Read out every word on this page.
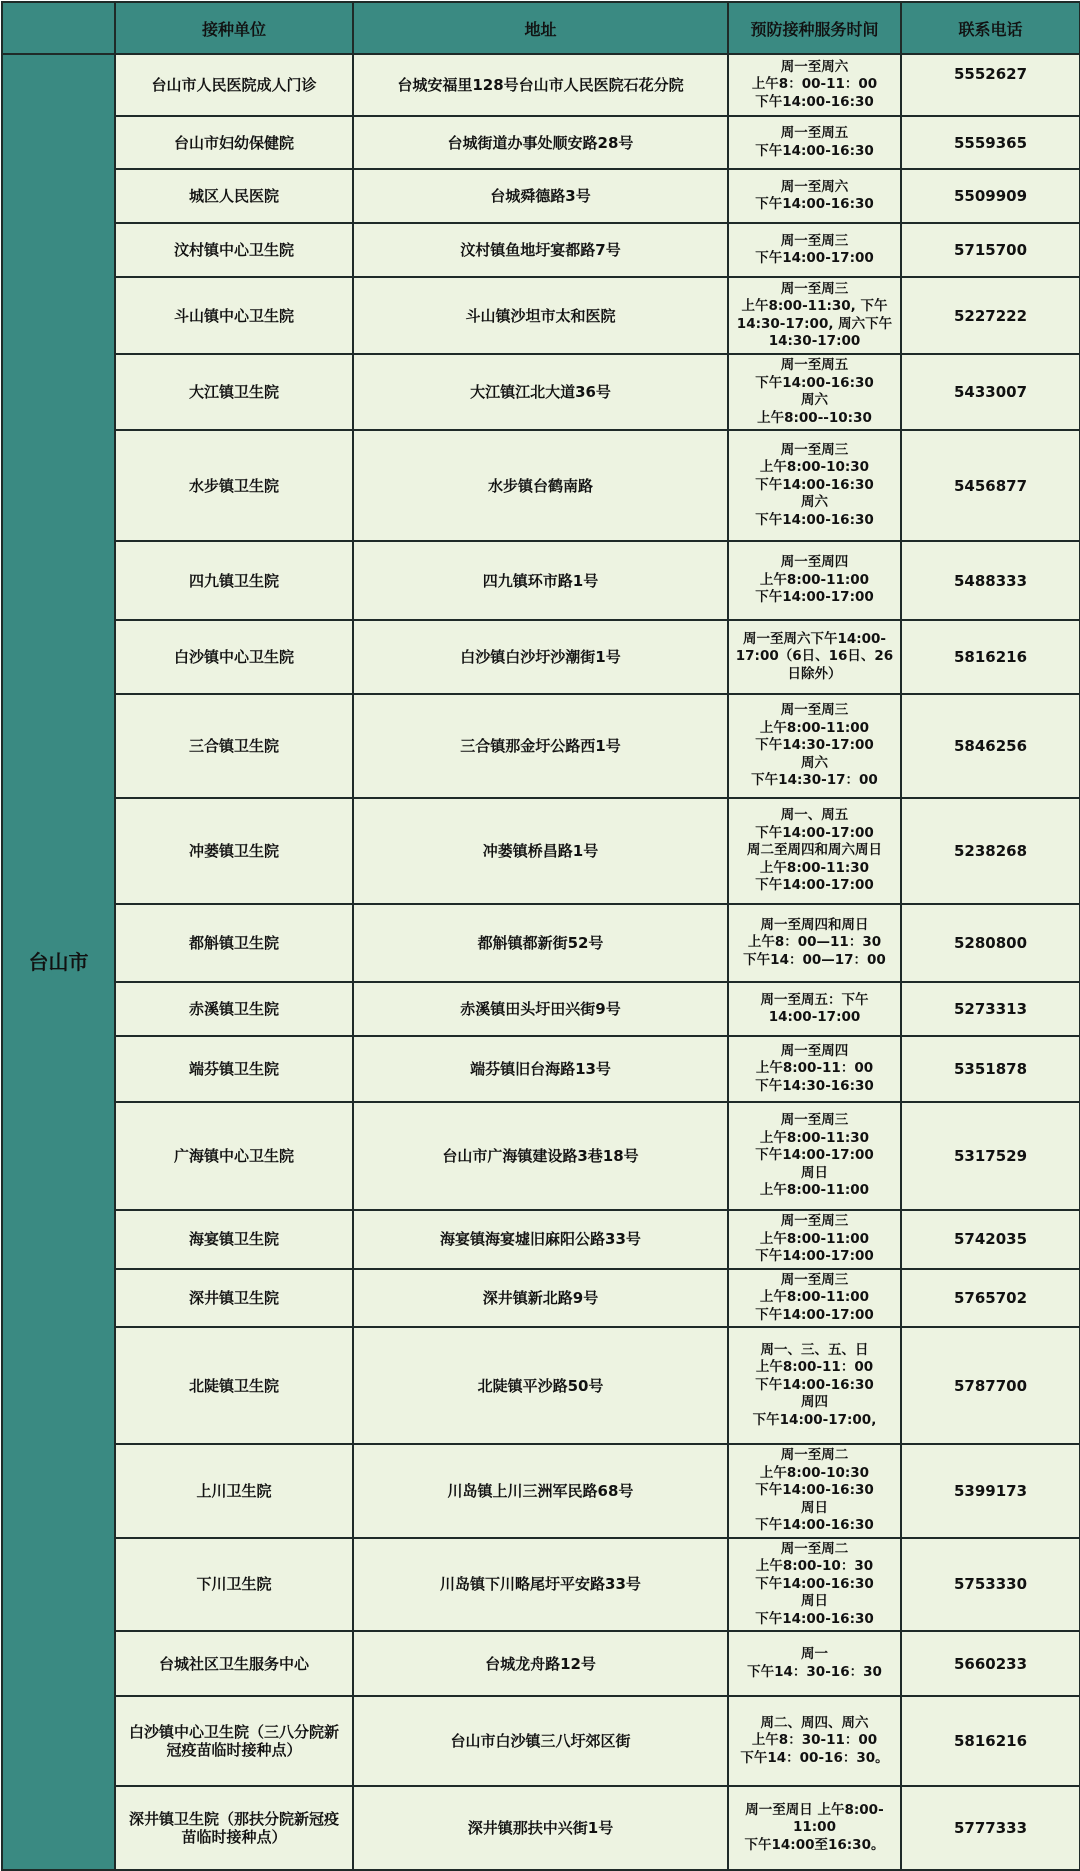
	接种单位	地址	预防接种服务时间	联系电话
台山市	台山市人民医院成人门诊	台城安福里128号台山市人民医院石花分院	周一至周六
上午8：00-11：00
下午14:00-16:30	5552627
	台山市妇幼保健院	台城街道办事处顺安路28号	周一至周五
下午14:00-16:30	5559365
	城区人民医院	台城舜德路3号	周一至周六
下午14:00-16:30	5509909
	汶村镇中心卫生院	汶村镇鱼地圩宴都路7号	周一至周三
下午14:00-17:00	5715700
	斗山镇中心卫生院	斗山镇沙坦市太和医院	周一至周三
上午8:00-11:30, 下午
14:30-17:00, 周六下午
14:30-17:00	5227222
	大江镇卫生院	大江镇江北大道36号	周一至周五
下午14:00-16:30
周六
上午8:00--10:30	5433007
	水步镇卫生院	水步镇台鹤南路	周一至周三
上午8:00-10:30
下午14:00-16:30
周六
下午14:00-16:30	5456877
	四九镇卫生院	四九镇环市路1号	周一至周四
上午8:00-11:00
下午14:00-17:00	5488333
	白沙镇中心卫生院	白沙镇白沙圩沙潮街1号	周一至周六下午14:00-
17:00（6日、16日、26
日除外）	5816216
	三合镇卫生院	三合镇那金圩公路西1号	周一至周三
上午8:00-11:00
下午14:30-17:00
周六
下午14:30-17：00	5846256
	冲蒌镇卫生院	冲蒌镇桥昌路1号	周一、周五
下午14:00-17:00
周二至周四和周六周日
上午8:00-11:30
下午14:00-17:00	5238268
	都斛镇卫生院	都斛镇都新街52号	周一至周四和周日
上午8：00—11：30
下午14：00—17：00	5280800
	赤溪镇卫生院	赤溪镇田头圩田兴街9号	周一至周五：下午
14:00-17:00	5273313
	端芬镇卫生院	端芬镇旧台海路13号	周一至周四
上午8:00-11：00
下午14:30-16:30	5351878
	广海镇中心卫生院	台山市广海镇建设路3巷18号	周一至周三
上午8:00-11:30
下午14:00-17:00
周日
上午8:00-11:00	5317529
	海宴镇卫生院	海宴镇海宴墟旧麻阳公路33号	周一至周三
上午8:00-11:00
下午14:00-17:00	5742035
	深井镇卫生院	深井镇新北路9号	周一至周三
上午8:00-11:00
下午14:00-17:00	5765702
	北陡镇卫生院	北陡镇平沙路50号	周一、三、五、日
上午8:00-11：00
下午14:00-16:30
周四
下午14:00-17:00,	5787700
	上川卫生院	川岛镇上川三洲军民路68号	周一至周二
上午8:00-10:30
下午14:00-16:30
周日
下午14:00-16:30	5399173
	下川卫生院	川岛镇下川略尾圩平安路33号	周一至周二
上午8:00-10：30
下午14:00-16:30
周日
下午14:00-16:30	5753330
	台城社区卫生服务中心	台城龙舟路12号	周一
下午14：30-16：30	5660233
	白沙镇中心卫生院（三八分院新冠疫苗临时接种点）	台山市白沙镇三八圩郊区街	周二、周四、周六
上午8：30-11：00
下午14：00-16：30。	5816216
	深井镇卫生院（那扶分院新冠疫苗临时接种点）	深井镇那扶中兴街1号	周一至周日 上午8:00-
11:00
下午14:00至16:30。	5777333
